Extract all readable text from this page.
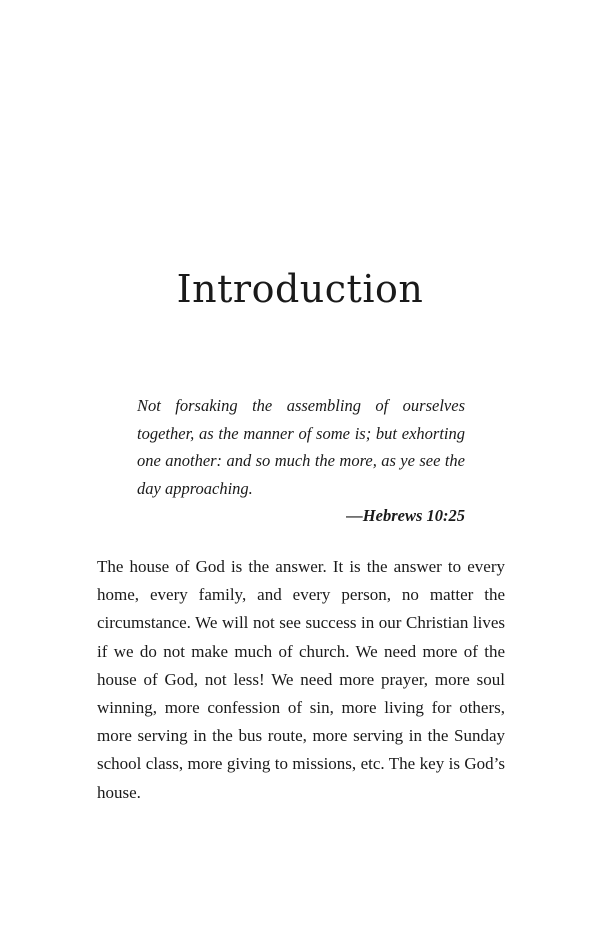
Introduction

Not forsaking the assembling of ourselves together, as the manner of some is; but exhorting one another: and so much the more, as ye see the day approaching.

—Hebrews 10:25

The house of God is the answer. It is the answer to every home, every family, and every person, no matter the circumstance. We will not see success in our Christian lives if we do not make much of church. We need more of the house of God, not less! We need more prayer, more soul winning, more confession of sin, more living for others, more serving in the bus route, more serving in the Sunday school class, more giving to missions, etc. The key is God’s house.
